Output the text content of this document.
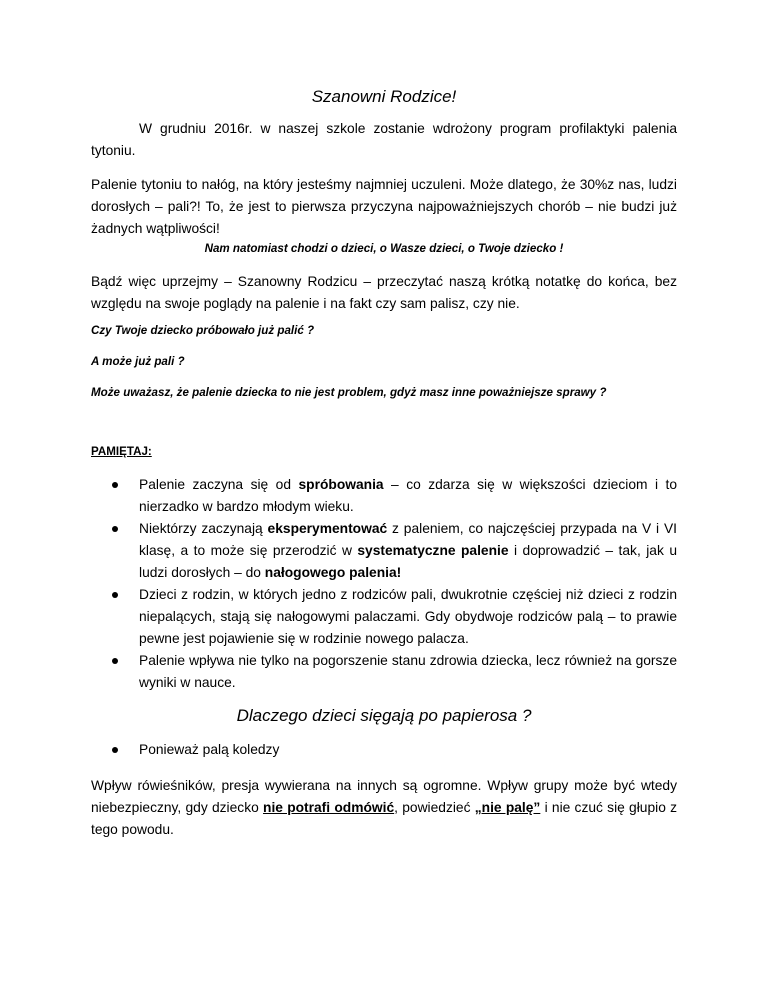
Szanowni Rodzice!
W grudniu 2016r. w naszej szkole zostanie wdrożony program profilaktyki palenia tytoniu.
Palenie tytoniu to nałóg, na który jesteśmy najmniej uczuleni. Może dlatego, że 30%z nas, ludzi dorosłych – pali?! To, że jest to pierwsza przyczyna najpoważniejszych chorób – nie budzi już żadnych wątpliwości!
Nam natomiast chodzi o dzieci, o Wasze dzieci, o Twoje dziecko !
Bądź więc uprzejmy – Szanowny Rodzicu – przeczytać naszą krótką notatkę do końca, bez względu na swoje poglądy na palenie i na fakt czy sam palisz, czy nie.
Czy Twoje dziecko próbowało już palić ?
A może już pali ?
Może uważasz, że palenie dziecka to nie jest problem, gdyż masz inne poważniejsze sprawy ?
PAMIĘTAJ:
Palenie zaczyna się od spróbowania – co zdarza się w większości dzieciom i to nierzadko w bardzo młodym wieku.
Niektórzy zaczynają eksperymentować z paleniem, co najczęściej przypada na V i VI klasę, a to może się przerodzić w systematyczne palenie i doprowadzić – tak, jak u ludzi dorosłych – do nałogowego palenia!
Dzieci z rodzin, w których jedno z rodziców pali, dwukrotnie częściej niż dzieci z rodzin niepalących, stają się nałogowymi palaczami. Gdy obydwoje rodziców palą – to prawie pewne jest pojawienie się w rodzinie nowego palacza.
Palenie wpływa nie tylko na pogorszenie stanu zdrowia dziecka, lecz również na gorsze wyniki w nauce.
Dlaczego dzieci sięgają po papierosa ?
Ponieważ palą koledzy
Wpływ rówieśników, presja wywierana na innych są ogromne. Wpływ grupy może być wtedy niebezpieczny, gdy dziecko nie potrafi odmówić, powiedzieć „nie palę” i nie czuć się głupio z tego powodu.
